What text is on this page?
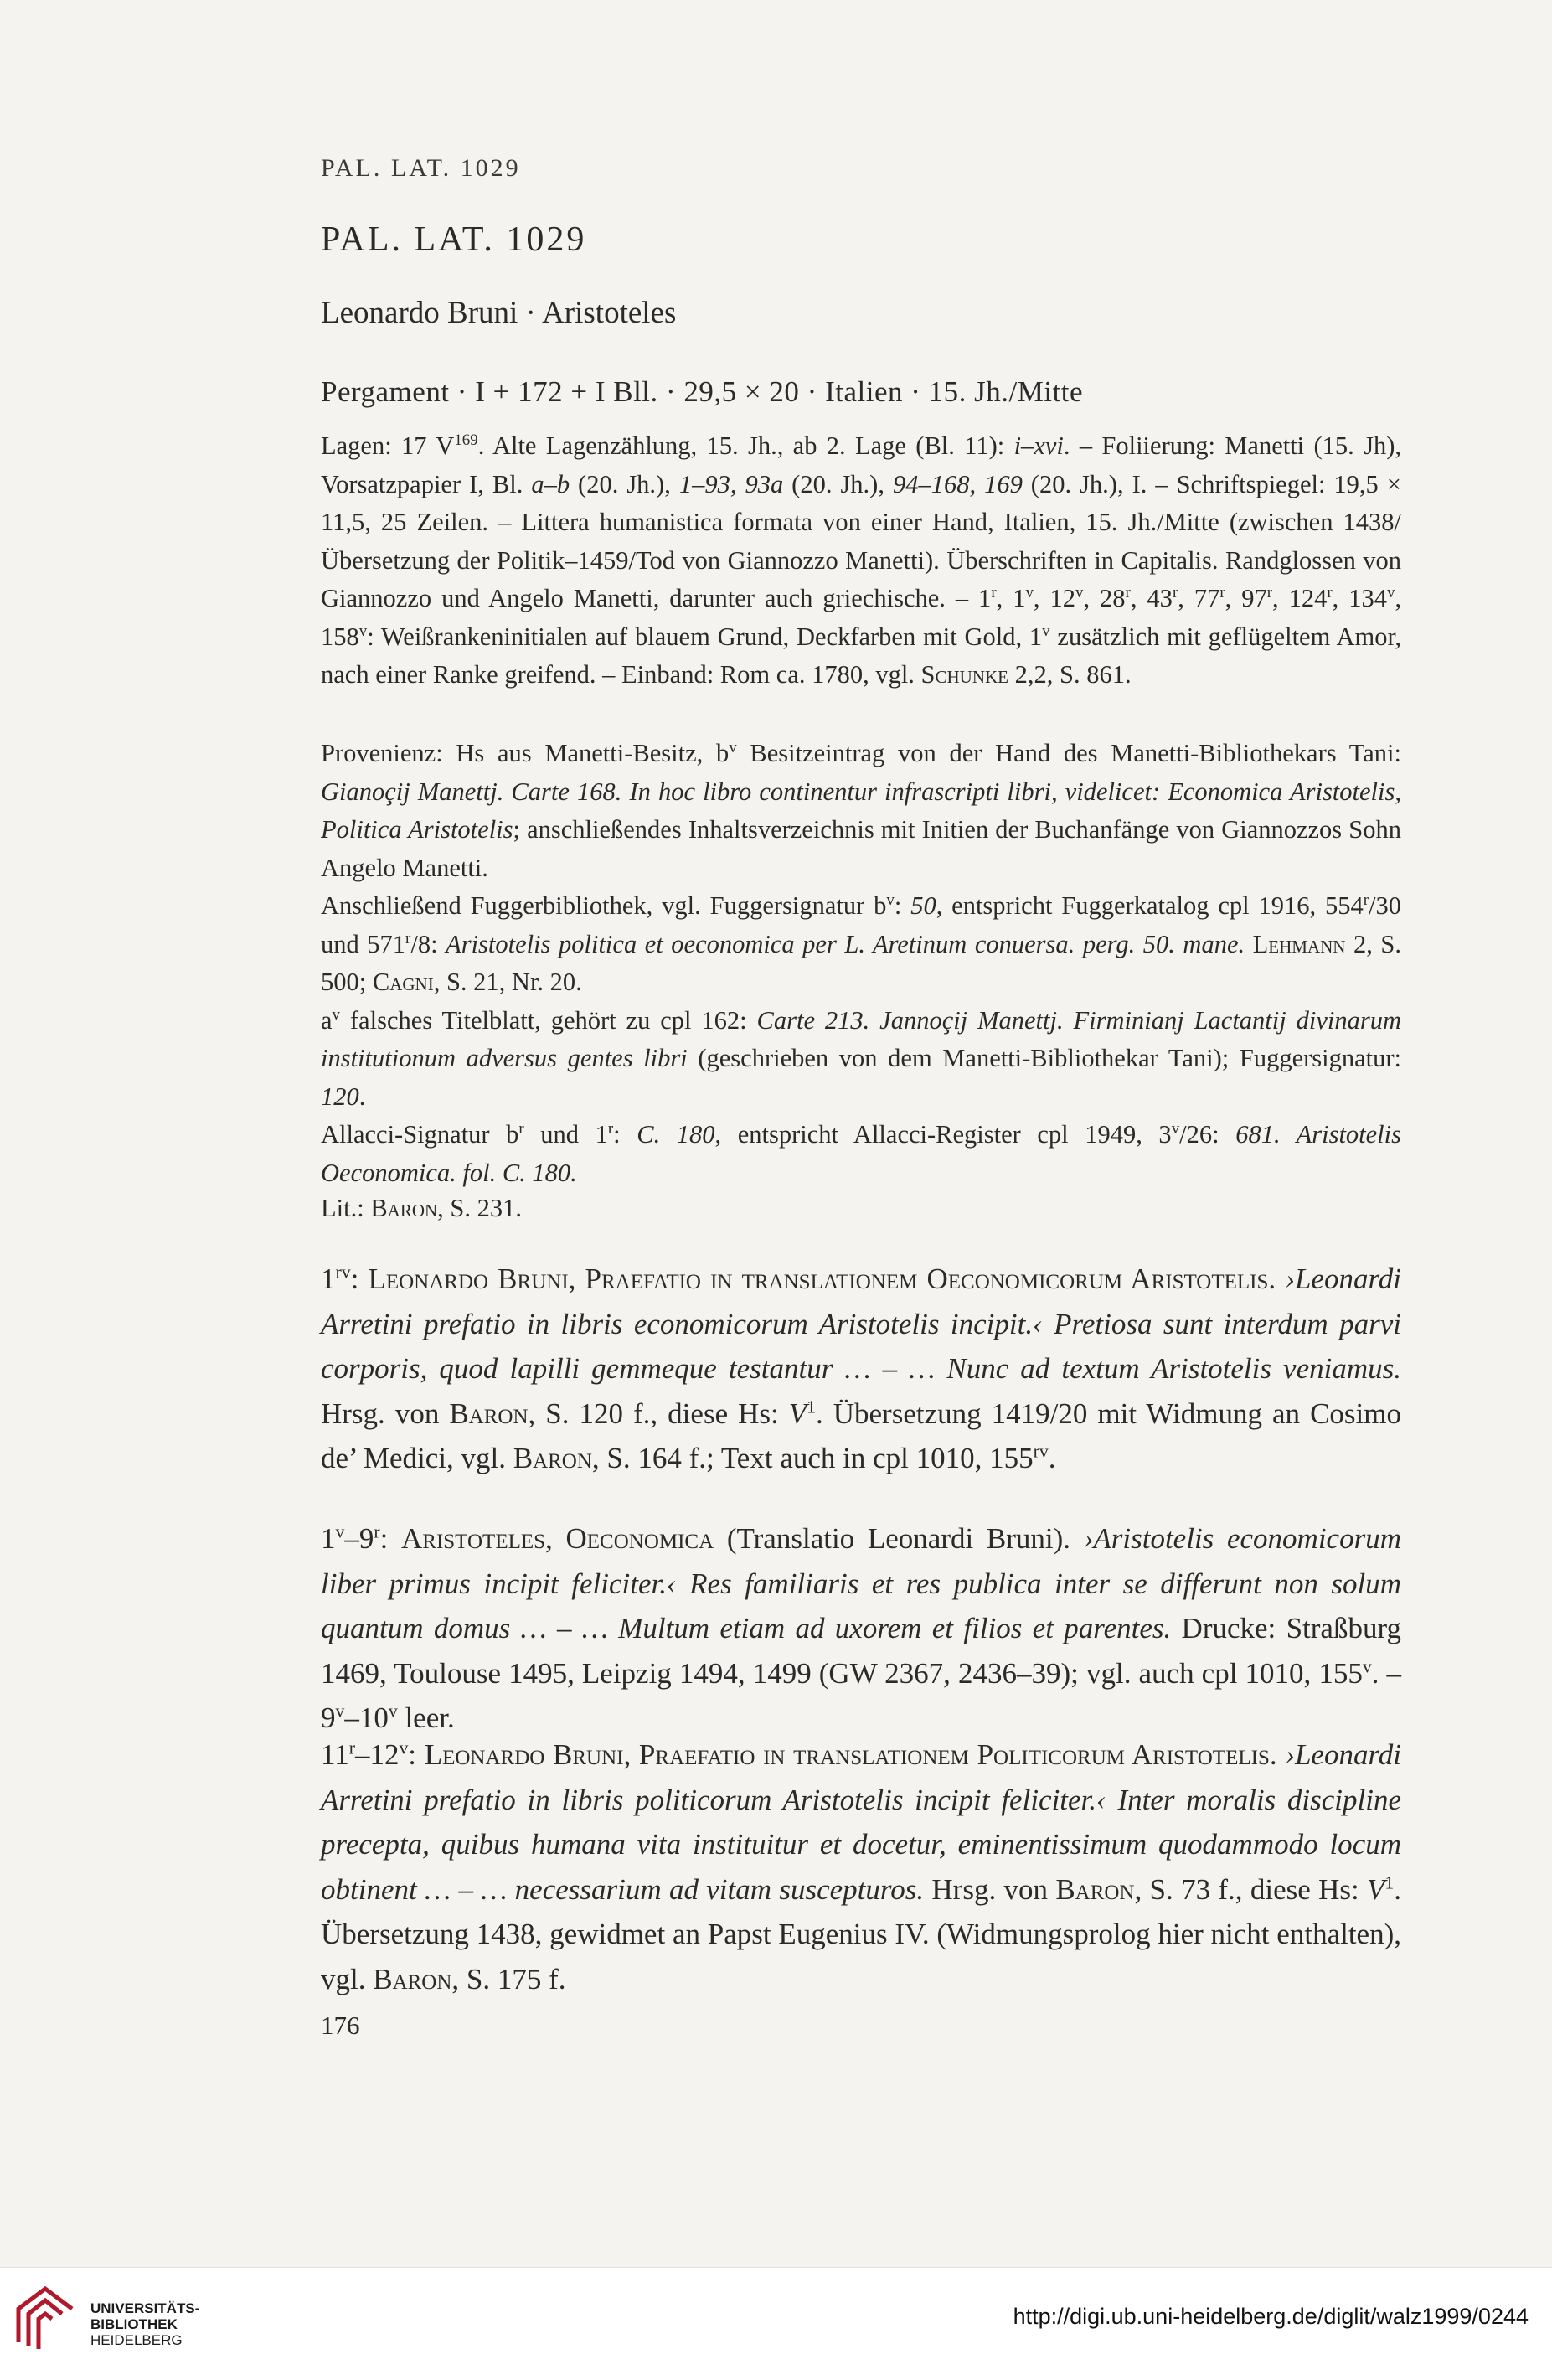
PAL. LAT. 1029
PAL. LAT. 1029
Leonardo Bruni · Aristoteles
Pergament · I + 172 + I Bll. · 29,5 × 20 · Italien · 15. Jh./Mitte

Lagen: 17 $V^{169}$. Alte Lagenzählung, 15. Jh., ab 2. Lage (Bl. 11): i–xvi. – Foliierung: Manetti (15. Jh), Vorsatzpapier I, Bl. a–b (20. Jh.), 1–93, 93a (20. Jh.), 94–168, 169 (20. Jh.), I. – Schriftspiegel: 19,5 × 11,5, 25 Zeilen. – Littera humanistica formata von einer Hand, Italien, 15. Jh./Mitte (zwischen 1438/Übersetzung der Politik–1459/Tod von Giannozzo Manetti). Überschriften in Capitalis. Randglossen von Giannozzo und Angelo Manetti, darunter auch griechische. – 1$^r$, 1$^v$, 12$^v$, 28$^r$, 43$^r$, 77$^r$, 97$^r$, 124$^r$, 134$^v$, 158$^v$: Weißrankeninitialen auf blauem Grund, Deckfarben mit Gold, 1$^v$ zusätzlich mit geflügeltem Amor, nach einer Ranke greifend. – Einband: Rom ca. 1780, vgl. Schunke 2,2, S. 861.

Provenienz: Hs aus Manetti-Besitz, $b^v$ Besitzeintrag von der Hand des Manetti-Bibliothekars Tani: Gianoçij Manettj. Carte 168. In hoc libro continentur infrascripti libri, videlicet: Economica Aristotelis, Politica Aristotelis; anschließendes Inhaltsverzeichnis mit Initien der Buchanfänge von Giannozzos Sohn Angelo Manetti.

Anschließend Fuggerbibliothek, vgl. Fuggersignatur $b^v$: 50, entspricht Fuggerkatalog cpl 1916, 554$^r$/30 und 571$^r$/8: Aristotelis politica et oeconomica per L. Aretinum conuersa. perg. 50. mane. Lehmann 2, S. 500; Cagni, S. 21, Nr. 20.

$a^v$ falsches Titelblatt, gehört zu cpl 162: Carte 213. Jannoçij Manettj. Firminianj Lactantij divinarum institutionum adversus gentes libri (geschrieben von dem Manetti-Bibliothekar Tani); Fuggersignatur: 120.

Allacci-Signatur $b^r$ und 1$^r$: C. 180, entspricht Allacci-Register cpl 1949, 3$^v$/26: 681. Aristotelis Oeconomica. fol. C. 180.

Lit.: Baron, S. 231.

$1^{rv}$: Leonardo Bruni, Praefatio in translationem Oeconomicorum Aristotelis. ›Leonardi Arretini prefatio in libris economicorum Aristotelis incipit.‹ Pretiosa sunt interdum parvi corporis, quod lapilli gemmeque testantur … – … Nunc ad textum Aristotelis veniamus. Hrsg. von Baron, S. 120 f., diese Hs: $V^1$. Übersetzung 1419/20 mit Widmung an Cosimo de’ Medici, vgl. Baron, S. 164 f.; Text auch in cpl 1010, $155^{rv}$.

1$^v$–9$^r$: Aristoteles, Oeconomica (Translatio Leonardi Bruni). ›Aristotelis economicorum liber primus incipit feliciter.‹ Res familiaris et res publica inter se differunt non solum quantum domus … – … Multum etiam ad uxorem et filios et parentes. Drucke: Straßburg 1469, Toulouse 1495, Leipzig 1494, 1499 (GW 2367, 2436–39); vgl. auch cpl 1010, 155$^v$. – 9$^v$–10$^v$ leer.

11$^r$–12$^v$: Leonardo Bruni, Praefatio in translationem Politicorum Aristotelis. ›Leonardi Arretini prefatio in libris politicorum Aristotelis incipit feliciter.‹ Inter moralis discipline precepta, quibus humana vita instituitur et docetur, eminentissimum quodammodo locum obtinent … – … necessarium ad vitam suscepturos. Hrsg. von Baron, S. 73 f., diese Hs: $V^1$. Übersetzung 1438, gewidmet an Papst Eugenius IV. (Widmungsprolog hier nicht enthalten), vgl. Baron, S. 175 f.

176
UNIVERSITÄTS-
BIBLIOTHEK
HEIDELBERG
http://digi.ub.uni-heidelberg.de/diglit/walz1999/0244
